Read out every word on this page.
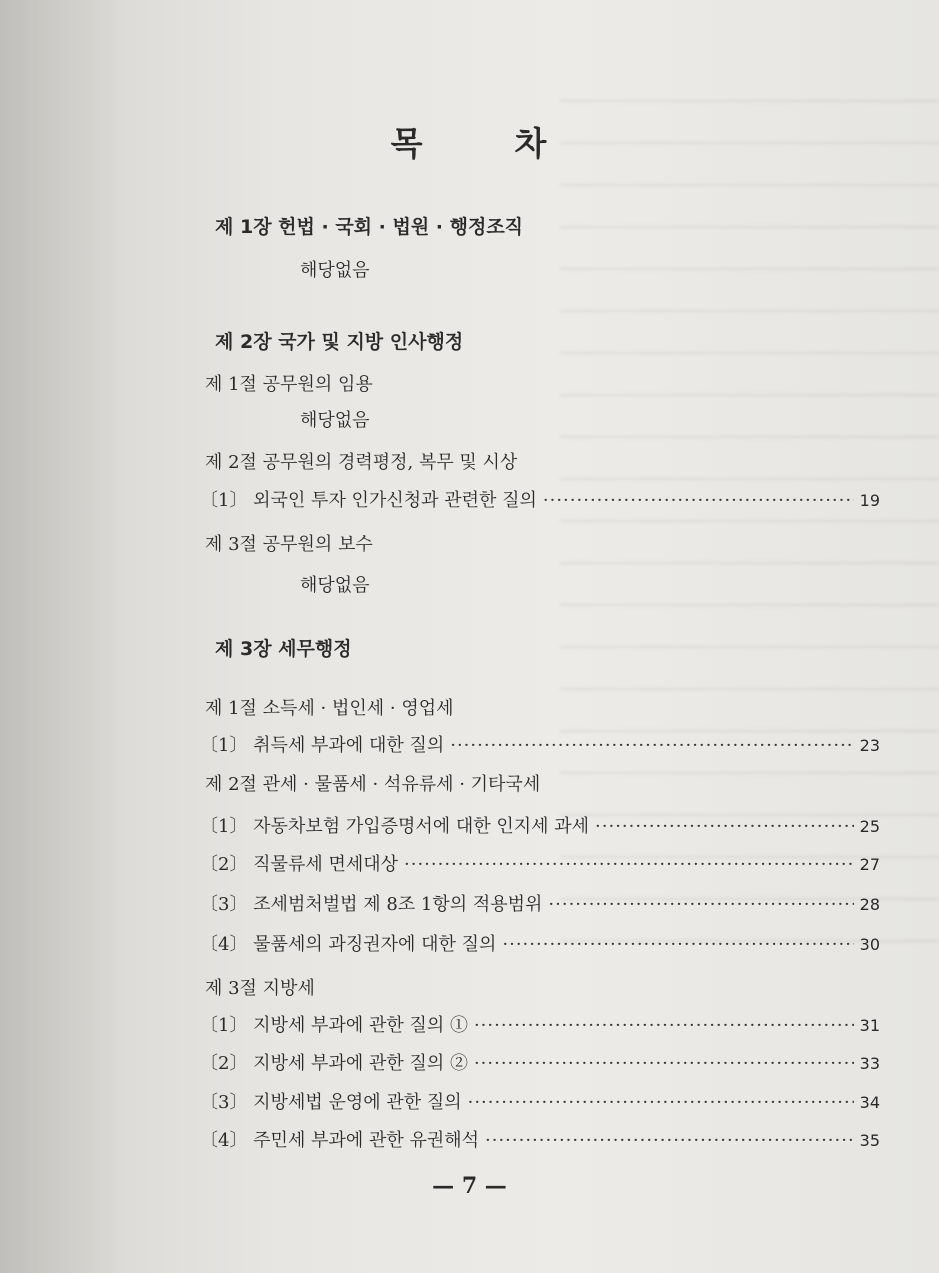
목	차
제 1장 헌법 · 국회 · 법원 · 행정조직
해당없음
제 2장 국가 및 지방 인사행정
제 1절 공무원의 임용
해당없음
제 2절 공무원의 경력평정, 복무 및 시상
〔1〕 외국인 투자 인가신청과 관련한 질의 ·····	19
제 3절 공무원의 보수
해당없음
제 3장 세무행정
제 1절 소득세 · 법인세 · 영업세
〔1〕 취득세 부과에 대한 질의 ·····	23
제 2절 관세 · 물품세 · 석유류세 · 기타국세
〔1〕 자동차보험 가입증명서에 대한 인지세 과세 ·····	25
〔2〕 직물류세 면세대상 ·····	27
〔3〕 조세범처벌법 제 8조 1항의 적용범위 ·····	28
〔4〕 물품세의 과징권자에 대한 질의 ·····	30
제 3절 지방세
〔1〕 지방세 부과에 관한 질의 ① ·····	31
〔2〕 지방세 부과에 관한 질의 ② ·····	33
〔3〕 지방세법 운영에 관한 질의 ·····	34
〔4〕 주민세 부과에 관한 유권해석 ·····	35
— 7 —
